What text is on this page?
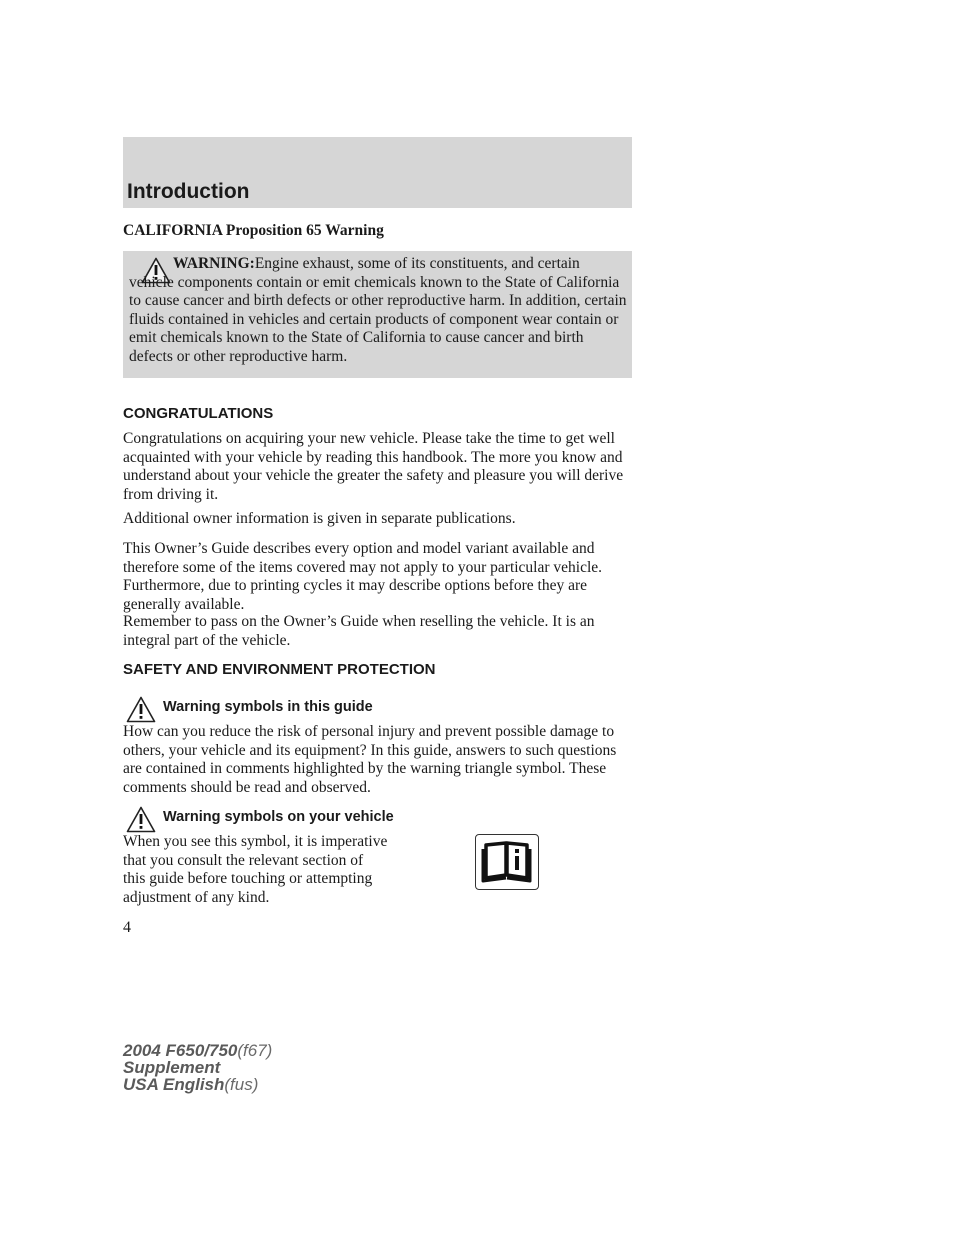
Introduction
CALIFORNIA Proposition 65 Warning
WARNING:Engine exhaust, some of its constituents, and certain vehicle components contain or emit chemicals known to the State of California to cause cancer and birth defects or other reproductive harm. In addition, certain fluids contained in vehicles and certain products of component wear contain or emit chemicals known to the State of California to cause cancer and birth defects or other reproductive harm.
CONGRATULATIONS
Congratulations on acquiring your new vehicle. Please take the time to get well acquainted with your vehicle by reading this handbook. The more you know and understand about your vehicle the greater the safety and pleasure you will derive from driving it.
Additional owner information is given in separate publications.
This Owner’s Guide describes every option and model variant available and therefore some of the items covered may not apply to your particular vehicle. Furthermore, due to printing cycles it may describe options before they are generally available.
Remember to pass on the Owner’s Guide when reselling the vehicle. It is an integral part of the vehicle.
SAFETY AND ENVIRONMENT PROTECTION
Warning symbols in this guide
How can you reduce the risk of personal injury and prevent possible damage to others, your vehicle and its equipment? In this guide, answers to such questions are contained in comments highlighted by the warning triangle symbol. These comments should be read and observed.
Warning symbols on your vehicle
When you see this symbol, it is imperative that you consult the relevant section of this guide before touching or attempting adjustment of any kind.
4
2004 F650/750(f67)
Supplement
USA English(fus)
